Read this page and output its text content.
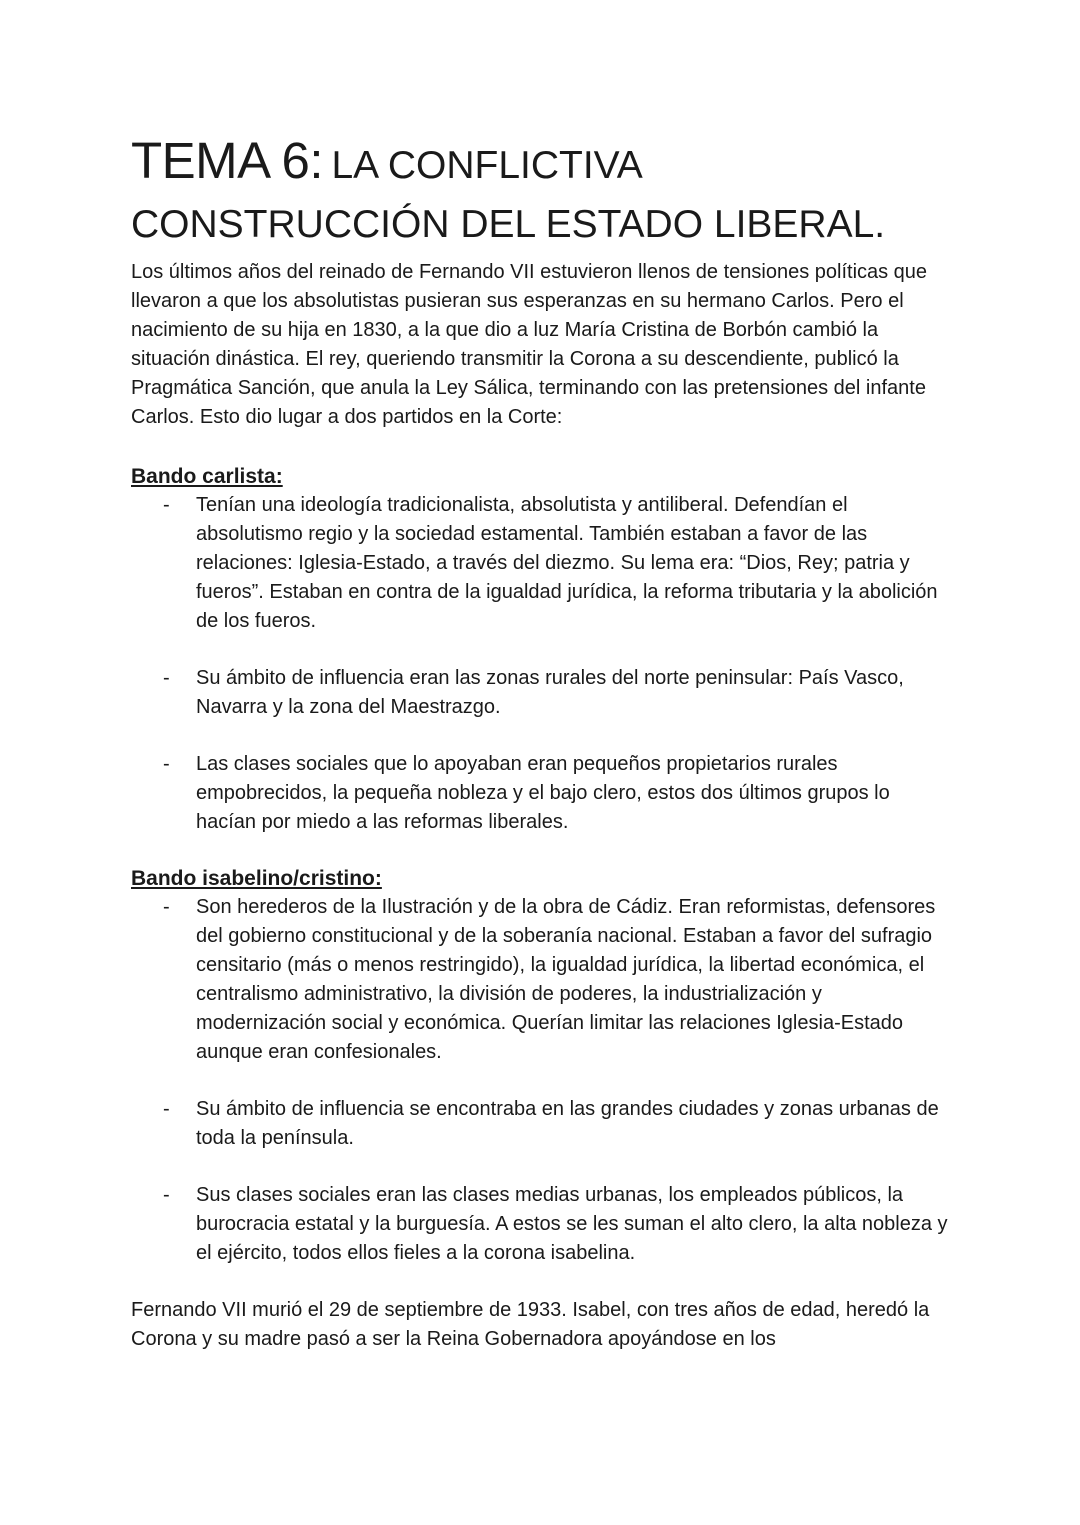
TEMA 6: LA CONFLICTIVA
CONSTRUCCIÓN DEL ESTADO LIBERAL.

Los últimos años del reinado de Fernando VII estuvieron llenos de tensiones políticas que llevaron a que los absolutistas pusieran sus esperanzas en su hermano Carlos. Pero el nacimiento de su hija en 1830, a la que dio a luz María Cristina de Borbón cambió la situación dinástica. El rey, queriendo transmitir la Corona a su descendiente, publicó la Pragmática Sanción, que anula la Ley Sálica, terminando con las pretensiones del infante Carlos. Esto dio lugar a dos partidos en la Corte:

Bando carlista:
- Tenían una ideología tradicionalista, absolutista y antiliberal. Defendían el absolutismo regio y la sociedad estamental. También estaban a favor de las relaciones: Iglesia-Estado, a través del diezmo. Su lema era: “Dios, Rey; patria y fueros”. Estaban en contra de la igualdad jurídica, la reforma tributaria y la abolición de los fueros.
- Su ámbito de influencia eran las zonas rurales del norte peninsular: País Vasco, Navarra y la zona del Maestrazgo.
- Las clases sociales que lo apoyaban eran pequeños propietarios rurales empobrecidos, la pequeña nobleza y el bajo clero, estos dos últimos grupos lo hacían por miedo a las reformas liberales.
Bando isabelino/cristino:
- Son herederos de la Ilustración y de la obra de Cádiz. Eran reformistas, defensores del gobierno constitucional y de la soberanía nacional. Estaban a favor del sufragio censitario (más o menos restringido), la igualdad jurídica, la libertad económica, el centralismo administrativo, la división de poderes, la industrialización y modernización social y económica. Querían limitar las relaciones Iglesia-Estado aunque eran confesionales.
- Su ámbito de influencia se encontraba en las grandes ciudades y zonas urbanas de toda la península.
- Sus clases sociales eran las clases medias urbanas, los empleados públicos, la burocracia estatal y la burguesía. A estos se les suman el alto clero, la alta nobleza y el ejército, todos ellos fieles a la corona isabelina.

Fernando VII murió el 29 de septiembre de 1933. Isabel, con tres años de edad, heredó la Corona y su madre pasó a ser la Reina Gobernadora apoyándose en los
